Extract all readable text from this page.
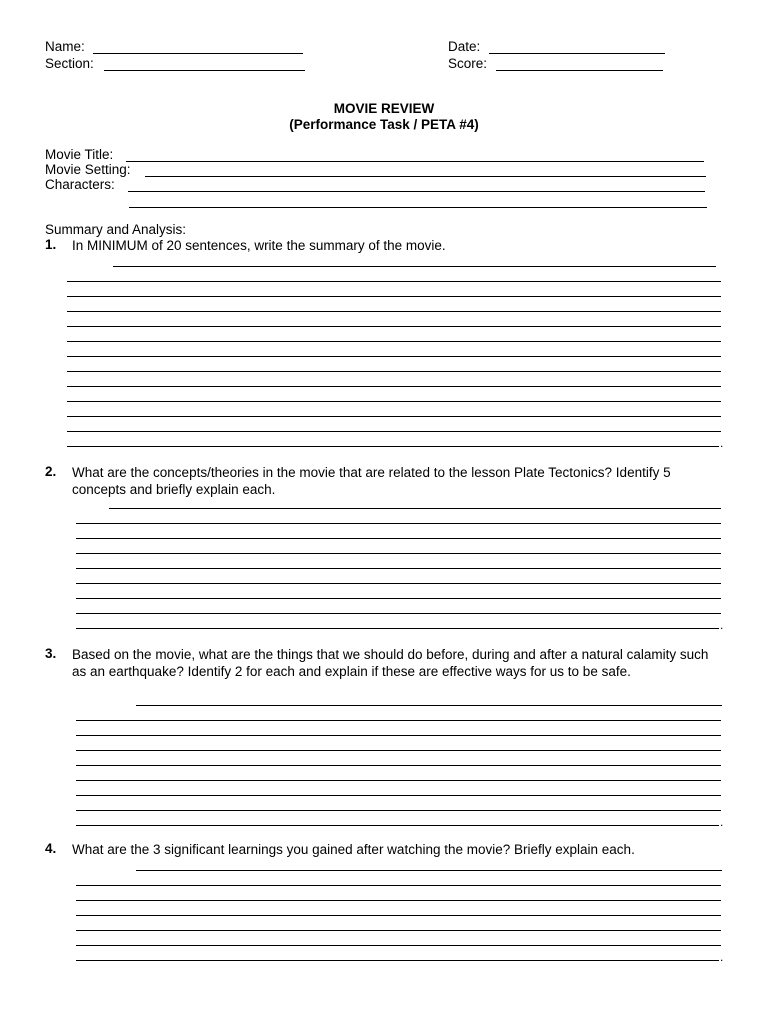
Name:
Section:
Date:
Score:
MOVIE REVIEW
(Performance Task / PETA #4)
Movie Title:
Movie Setting:
Characters:
Summary and Analysis:
1. In MINIMUM of 20 sentences, write the summary of the movie.
.
2. What are the concepts/theories in the movie that are related to the lesson Plate Tectonics? Identify 5 concepts and briefly explain each.
.
3. Based on the movie, what are the things that we should do before, during and after a natural calamity such as an earthquake? Identify 2 for each and explain if these are effective ways for us to be safe.
.
4. What are the 3 significant learnings you gained after watching the movie? Briefly explain each.
.
